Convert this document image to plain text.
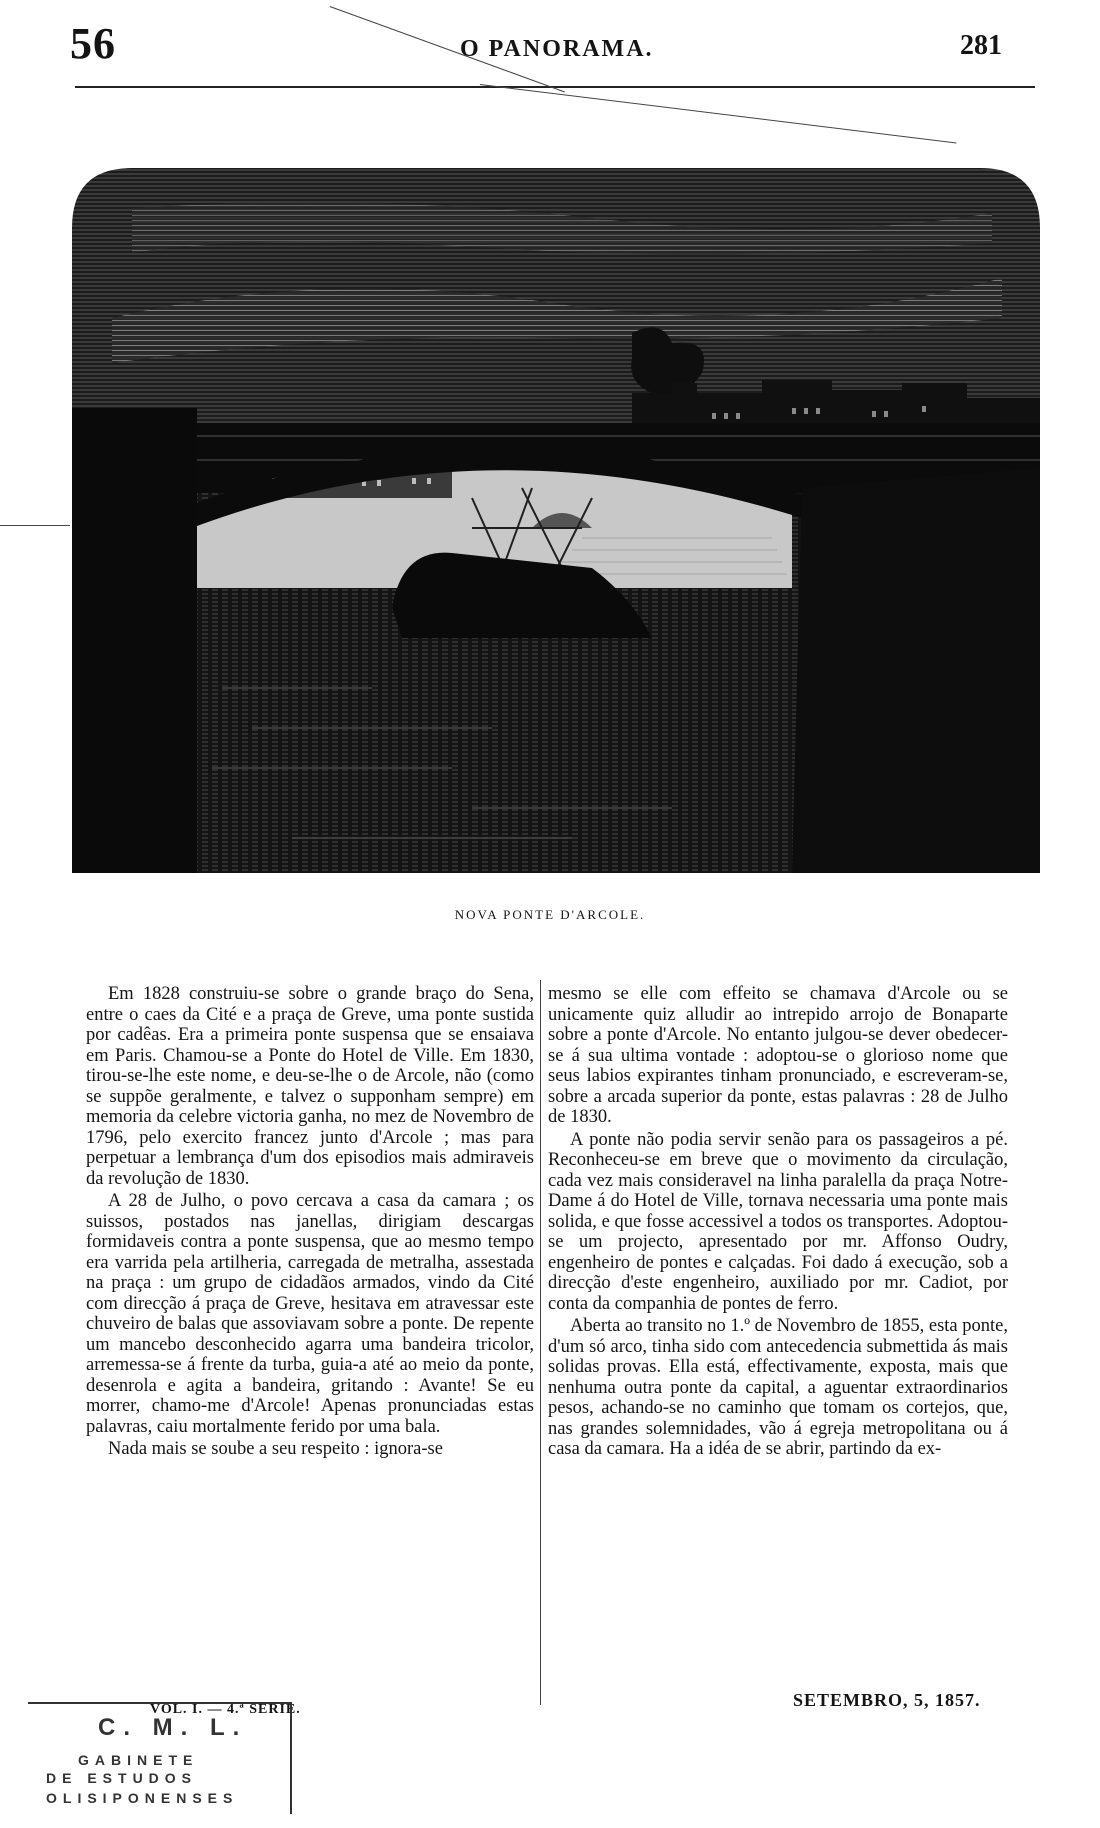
56	O PANORAMA.	281
NOVA PONTE D'ARCOLE.

Em 1828 construiu-se sobre o grande braço do Sena, entre o caes da Cité e a praça de Greve, uma ponte sustida por cadêas. Era a primeira ponte suspensa que se ensaiava em Paris. Chamou-se a Ponte do Hotel de Ville. Em 1830, tirou-se-lhe este nome, e deu-se-lhe o de Arcole, não (como se suppõe geralmente, e talvez o supponham sempre) em memoria da celebre victoria ganha, no mez de Novembro de 1796, pelo exercito francez junto d'Arcole ; mas para perpetuar a lembrança d'um dos episodios mais admiraveis da revolução de 1830.

A 28 de Julho, o povo cercava a casa da camara ; os suissos, postados nas janellas, dirigiam descargas formidaveis contra a ponte suspensa, que ao mesmo tempo era varrida pela artilheria, carregada de metralha, assestada na praça : um grupo de cidadãos armados, vindo da Cité com direcção á praça de Greve, hesitava em atravessar este chuveiro de balas que assoviavam sobre a ponte. De repente um mancebo desconhecido agarra uma bandeira tricolor, arremessa-se á frente da turba, guia-a até ao meio da ponte, desenrola e agita a bandeira, gritando : Avante! Se eu morrer, chamo-me d'Arcole! Apenas pronunciadas estas palavras, caiu mortalmente ferido por uma bala.

Nada mais se soube a seu respeito : ignora-se

mesmo se elle com effeito se chamava d'Arcole ou se unicamente quiz alludir ao intrepido arrojo de Bonaparte sobre a ponte d'Arcole. No entanto julgou-se dever obedecer-se á sua ultima vontade : adoptou-se o glorioso nome que seus labios expirantes tinham pronunciado, e escreveram-se, sobre a arcada superior da ponte, estas palavras : 28 de Julho de 1830.

A ponte não podia servir senão para os passageiros a pé. Reconheceu-se em breve que o movimento da circulação, cada vez mais consideravel na linha paralella da praça Notre-Dame á do Hotel de Ville, tornava necessaria uma ponte mais solida, e que fosse accessivel a todos os transportes. Adoptou-se um projecto, apresentado por mr. Affonso Oudry, engenheiro de pontes e calçadas. Foi dado á execução, sob a direcção d'este engenheiro, auxiliado por mr. Cadiot, por conta da companhia de pontes de ferro.

Aberta ao transito no 1.º de Novembro de 1855, esta ponte, d'um só arco, tinha sido com antecedencia submettida ás mais solidas provas. Ella está, effectivamente, exposta, mais que nenhuma outra ponte da capital, a aguentar extraordinarios pesos, achando-se no caminho que tomam os cortejos, que, nas grandes solemnidades, vão á egreja metropolitana ou á casa da camara. Ha a idéa de se abrir, partindo da ex-

VOL. I. — 4.ª SERIE.	SETEMBRO, 5, 1857.
C. M. L.
GABINETE
DE ESTUDOS
OLISIPONENSES
